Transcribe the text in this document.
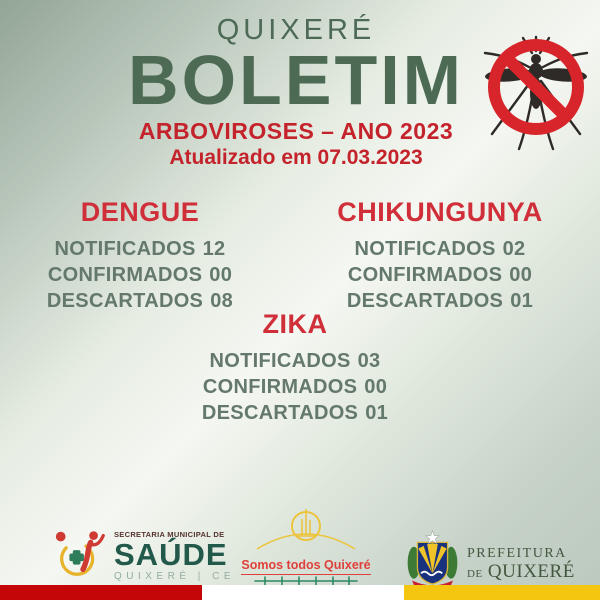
QUIXERÉ
BOLETIM
ARBOVIROSES – ANO 2023
Atualizado em 07.03.2023
DENGUE
NOTIFICADOS 12
CONFIRMADOS 00
DESCARTADOS 08
CHIKUNGUNYA
NOTIFICADOS 02
CONFIRMADOS 00
DESCARTADOS 01
ZIKA
NOTIFICADOS 03
CONFIRMADOS 00
DESCARTADOS 01
SECRETARIA MUNICIPAL DE
SAÚDE
QUIXERÉ | CE
Somos todos Quixeré
PREFEITURA
DE QUIXERÉ
